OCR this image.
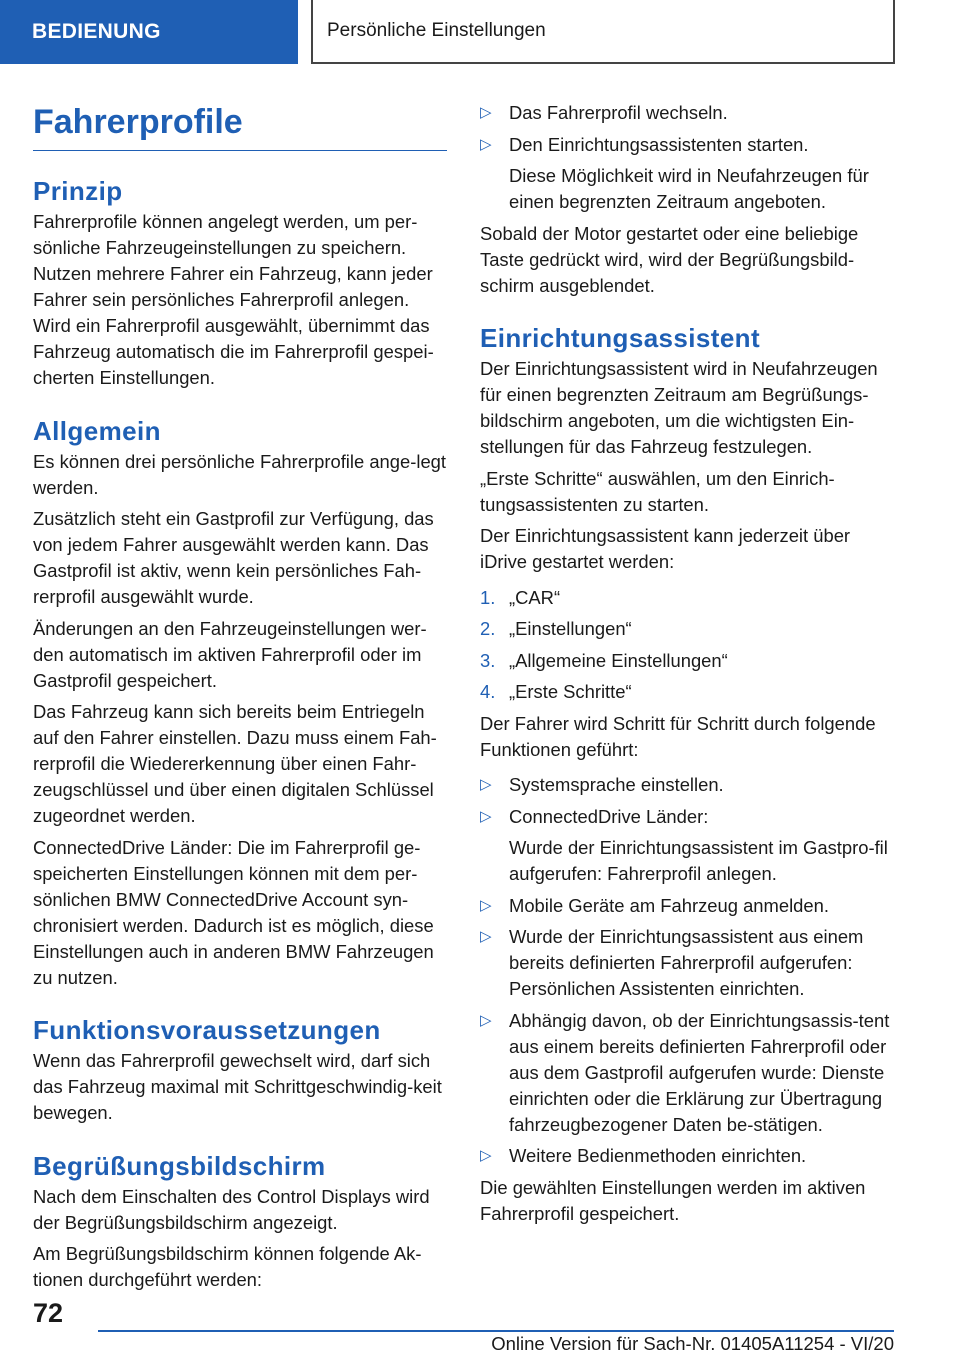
BEDIENUNG	Persönliche Einstellungen
Fahrerprofile
Prinzip

Fahrerprofile können angelegt werden, um per-sönliche Fahrzeugeinstellungen zu speichern. Nutzen mehrere Fahrer ein Fahrzeug, kann jeder Fahrer sein persönliches Fahrerprofil anlegen. Wird ein Fahrerprofil ausgewählt, übernimmt das Fahrzeug automatisch die im Fahrerprofil gespei-cherten Einstellungen.

Allgemein

Es können drei persönliche Fahrerprofile ange-legt werden.

Zusätzlich steht ein Gastprofil zur Verfügung, das von jedem Fahrer ausgewählt werden kann. Das Gastprofil ist aktiv, wenn kein persönliches Fah-rerprofil ausgewählt wurde.

Änderungen an den Fahrzeugeinstellungen wer-den automatisch im aktiven Fahrerprofil oder im Gastprofil gespeichert.

Das Fahrzeug kann sich bereits beim Entriegeln auf den Fahrer einstellen. Dazu muss einem Fah-rerprofil die Wiedererkennung über einen Fahr-zeugschlüssel und über einen digitalen Schlüssel zugeordnet werden.

ConnectedDrive Länder: Die im Fahrerprofil ge-speicherten Einstellungen können mit dem per-sönlichen BMW ConnectedDrive Account syn-chronisiert werden. Dadurch ist es möglich, diese Einstellungen auch in anderen BMW Fahrzeugen zu nutzen.

Funktionsvoraussetzungen

Wenn das Fahrerprofil gewechselt wird, darf sich das Fahrzeug maximal mit Schrittgeschwindig-keit bewegen.

Begrüßungsbildschirm

Nach dem Einschalten des Control Displays wird der Begrüßungsbildschirm angezeigt.

Am Begrüßungsbildschirm können folgende Ak-tionen durchgeführt werden:

▷ Das Fahrerprofil wechseln.
▷ Den Einrichtungsassistenten starten.
Diese Möglichkeit wird in Neufahrzeugen für einen begrenzten Zeitraum angeboten.

Sobald der Motor gestartet oder eine beliebige Taste gedrückt wird, wird der Begrüßungsbild-schirm ausgeblendet.

Einrichtungsassistent

Der Einrichtungsassistent wird in Neufahrzeugen für einen begrenzten Zeitraum am Begrüßungs-bildschirm angeboten, um die wichtigsten Ein-stellungen für das Fahrzeug festzulegen.

„Erste Schritte“ auswählen, um den Einrich-tungsassistenten zu starten.

Der Einrichtungsassistent kann jederzeit über iDrive gestartet werden:

1. „CAR“
2. „Einstellungen“
3. „Allgemeine Einstellungen“
4. „Erste Schritte“

Der Fahrer wird Schritt für Schritt durch folgende Funktionen geführt:

▷ Systemsprache einstellen.
▷ ConnectedDrive Länder:
Wurde der Einrichtungsassistent im Gastpro-fil aufgerufen: Fahrerprofil anlegen.
▷ Mobile Geräte am Fahrzeug anmelden.
▷ Wurde der Einrichtungsassistent aus einem bereits definierten Fahrerprofil aufgerufen: Persönlichen Assistenten einrichten.
▷ Abhängig davon, ob der Einrichtungsassis-tent aus einem bereits definierten Fahrerprofil oder aus dem Gastprofil aufgerufen wurde: Dienste einrichten oder die Erklärung zur Übertragung fahrzeugbezogener Daten be-stätigen.
▷ Weitere Bedienmethoden einrichten.

Die gewählten Einstellungen werden im aktiven Fahrerprofil gespeichert.

72
Online Version für Sach-Nr. 01405A11254 - VI/20
